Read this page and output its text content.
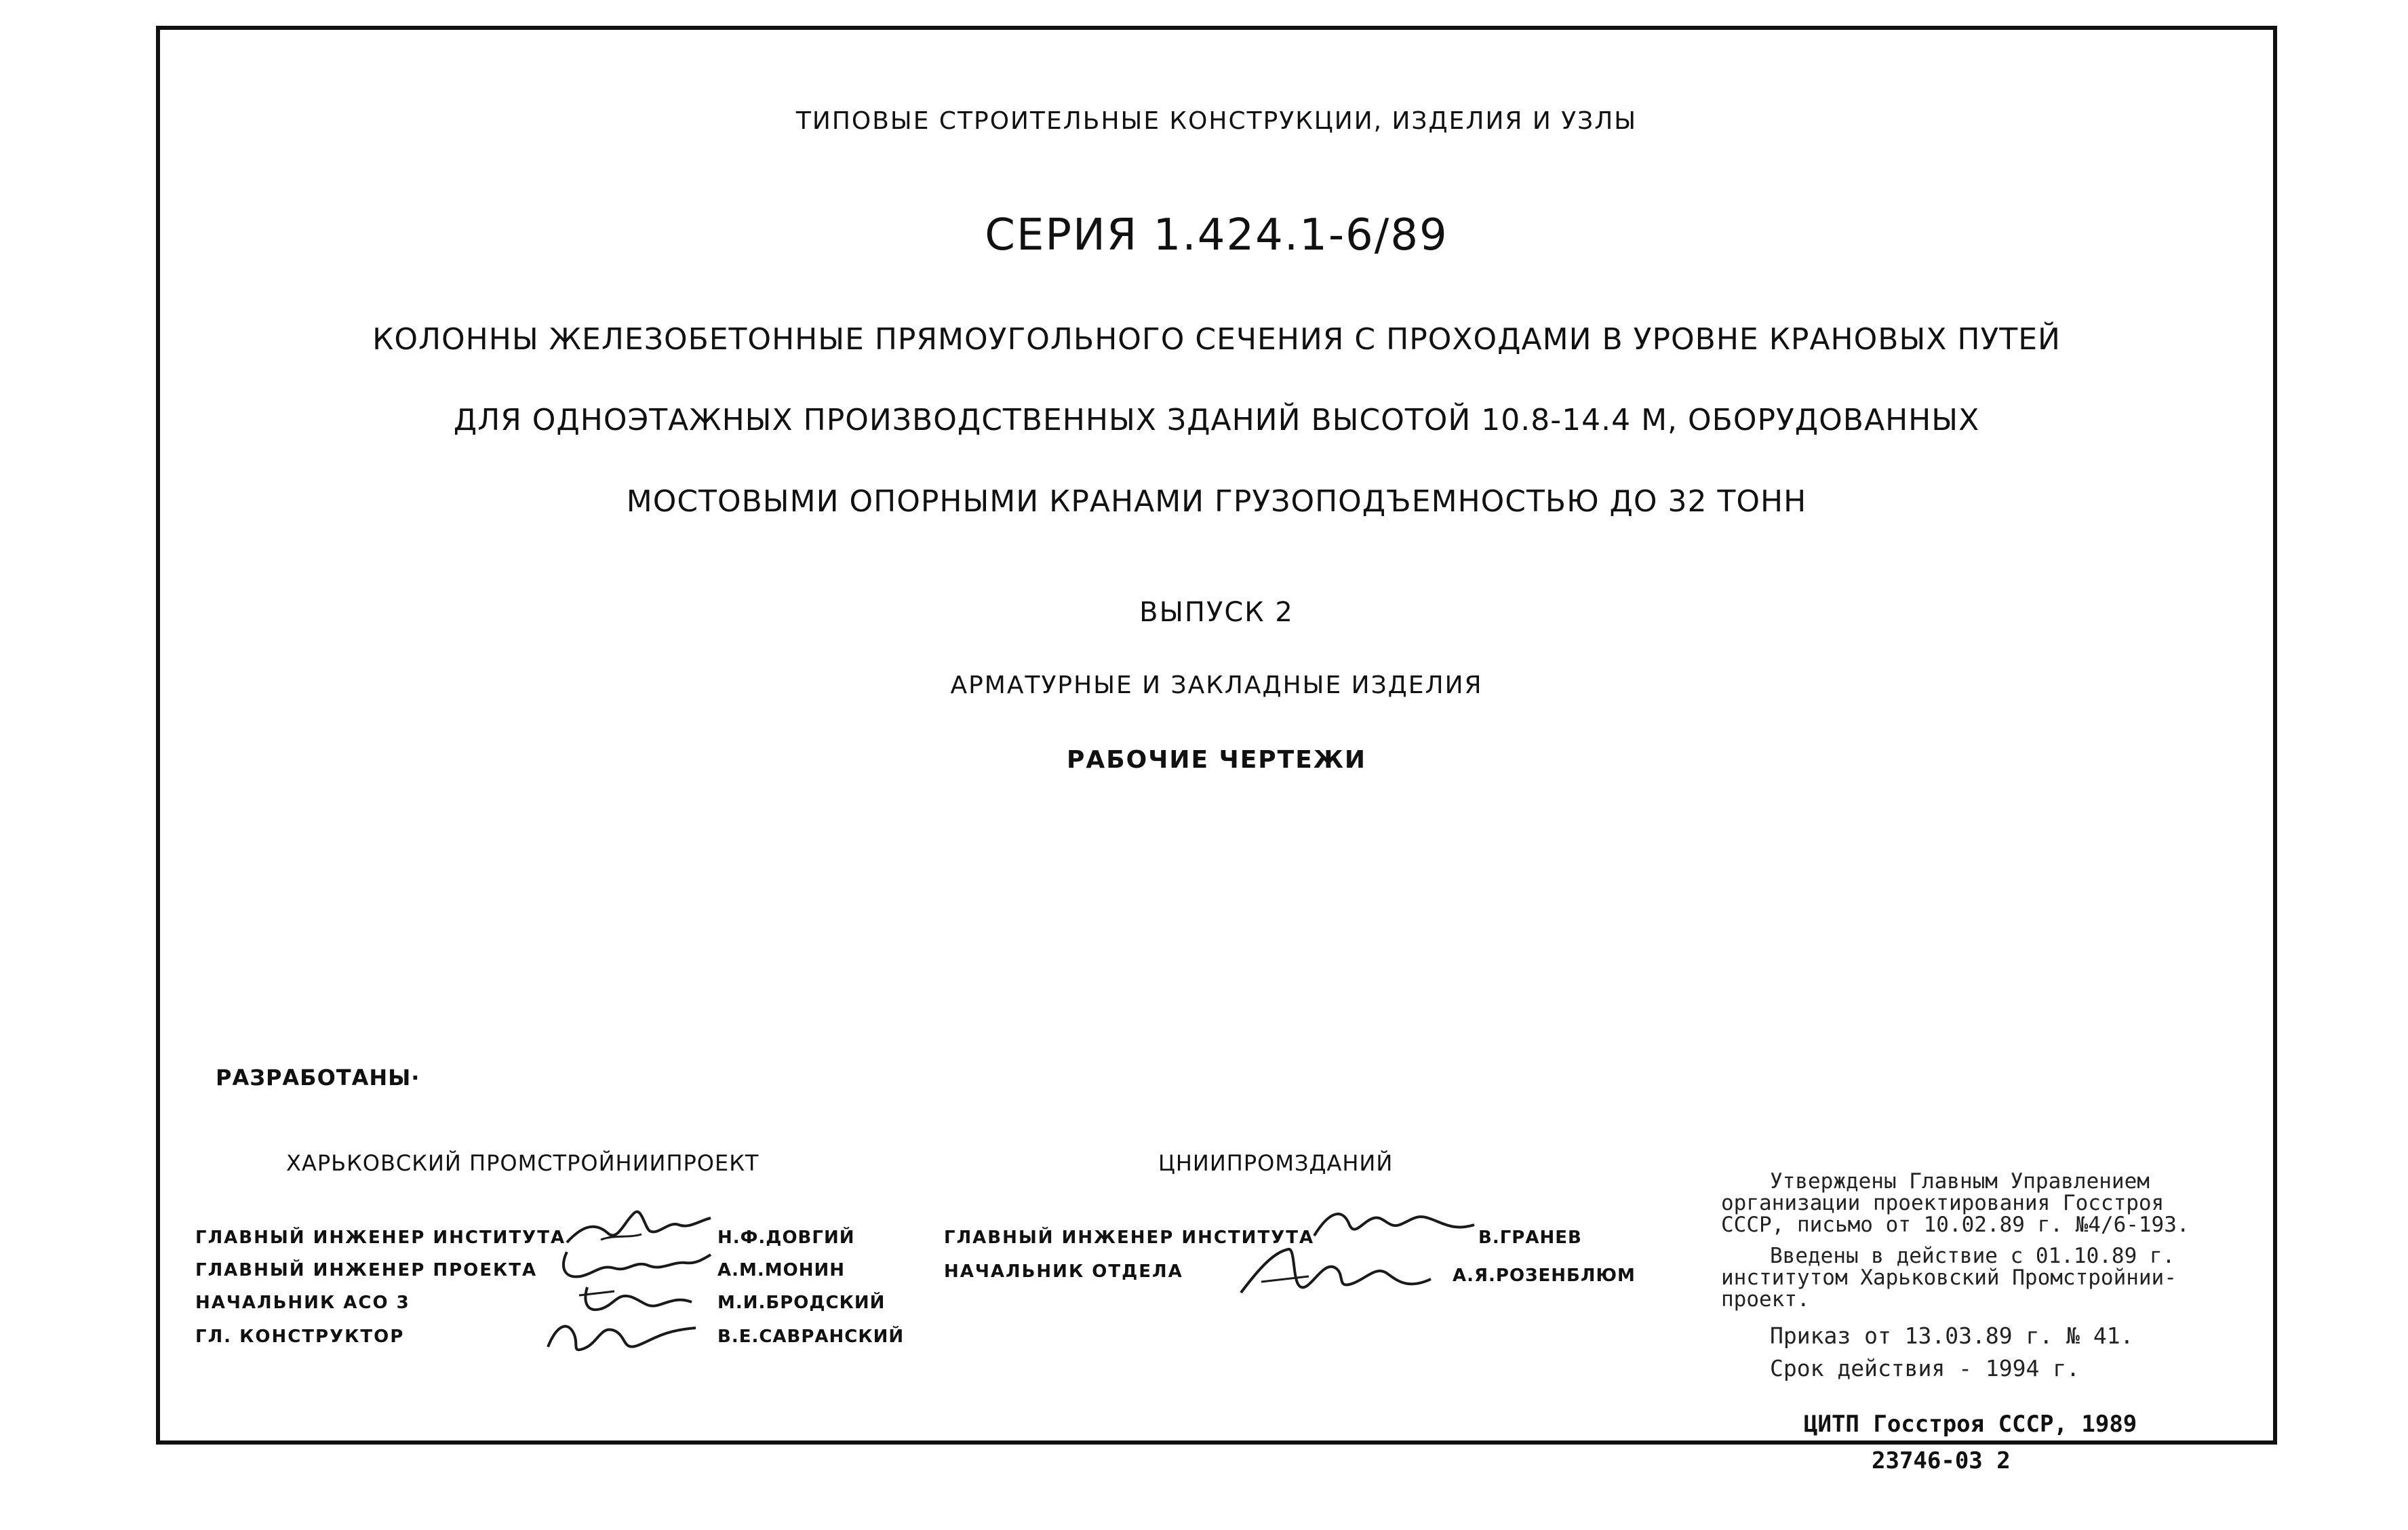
ТИПОВЫЕ СТРОИТЕЛЬНЫЕ КОНСТРУКЦИИ, ИЗДЕЛИЯ И УЗЛЫ
СЕРИЯ 1.424.1-6/89
КОЛОННЫ ЖЕЛЕЗОБЕТОННЫЕ ПРЯМОУГОЛЬНОГО СЕЧЕНИЯ С ПРОХОДАМИ В УРОВНЕ КРАНОВЫХ ПУТЕЙ
ДЛЯ ОДНОЭТАЖНЫХ ПРОИЗВОДСТВЕННЫХ ЗДАНИЙ ВЫСОТОЙ 10.8-14.4 М, ОБОРУДОВАННЫХ
МОСТОВЫМИ ОПОРНЫМИ КРАНАМИ ГРУЗОПОДЪЕМНОСТЬЮ ДО 32 ТОНН
ВЫПУСК 2
АРМАТУРНЫЕ И ЗАКЛАДНЫЕ ИЗДЕЛИЯ
РАБОЧИЕ ЧЕРТЕЖИ
РАЗРАБОТАНЫ·
ХАРЬКОВСКИЙ ПРОМСТРОЙНИИПРОЕКТ	ЦНИИПРОМЗДАНИЙ
ГЛАВНЫЙ ИНЖЕНЕР ИНСТИТУТА	Н.Ф.ДОВГИЙ
ГЛАВНЫЙ ИНЖЕНЕР ПРОЕКТА	А.М.МОНИН
НАЧАЛЬНИК АСО 3	М.И.БРОДСКИЙ
ГЛ. КОНСТРУКТОР	В.Е.САВРАНСКИЙ
ГЛАВНЫЙ ИНЖЕНЕР ИНСТИТУТА	В.ГРАНЕВ
НАЧАЛЬНИК ОТДЕЛА	А.Я.РОЗЕНБЛЮМ

Утверждены Главным Управлением

организации проектирования Госстроя

СССР, письмо от 10.02.89 г. №4/6-193.

Введены в действие с 01.10.89 г.

институтом Харьковский Промстройнии-

проект.

Приказ от 13.03.89 г. № 41.

Срок действия - 1994 г.

ЦИТП Госстроя СССР, 1989
23746-03 2
